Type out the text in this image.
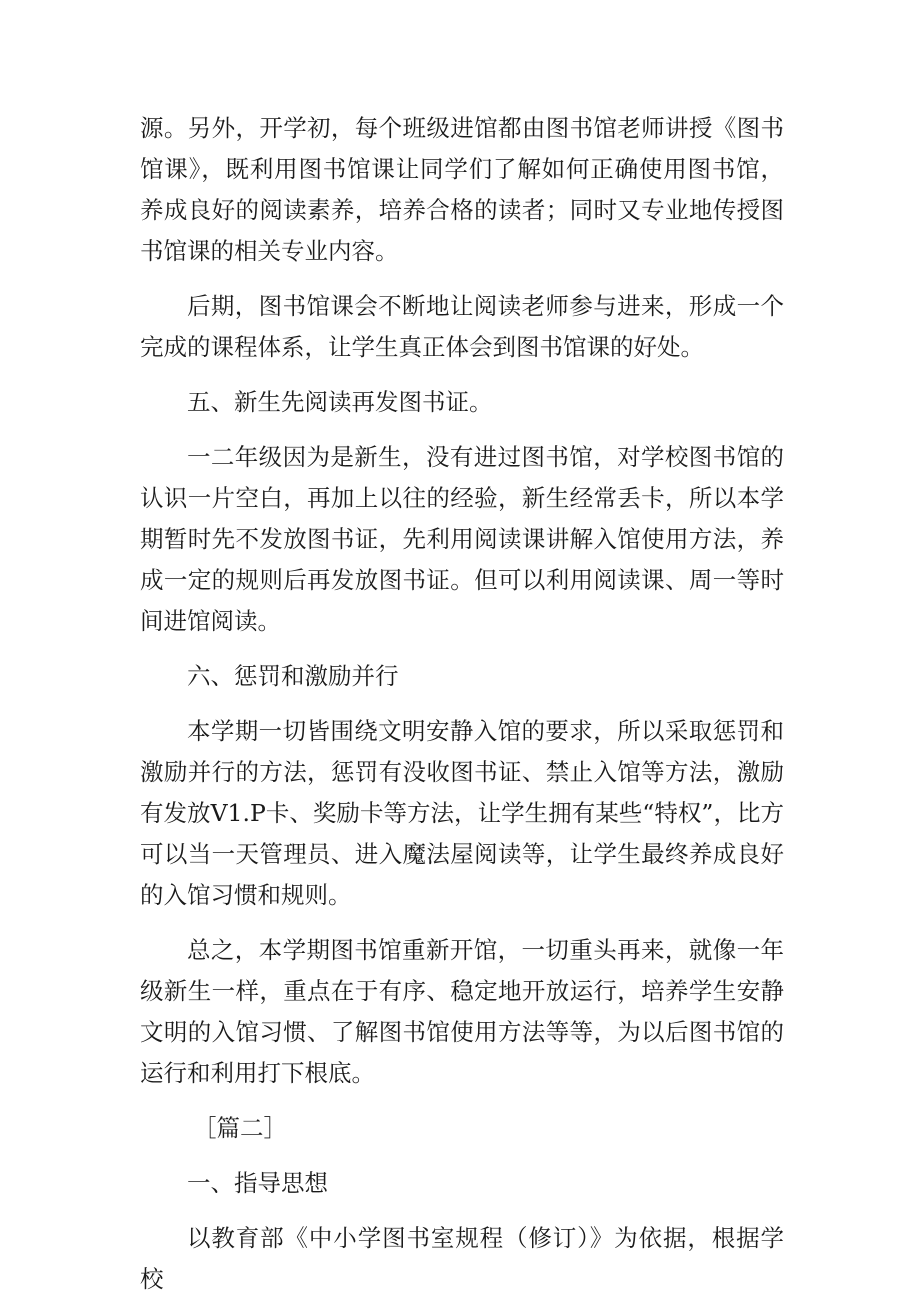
源。另外，开学初，每个班级进馆都由图书馆老师讲授《图书馆课》，既利用图书馆课让同学们了解如何正确使用图书馆，养成良好的阅读素养，培养合格的读者；同时又专业地传授图书馆课的相关专业内容。

后期，图书馆课会不断地让阅读老师参与进来，形成一个完成的课程体系，让学生真正体会到图书馆课的好处。

五、新生先阅读再发图书证。

一二年级因为是新生，没有进过图书馆，对学校图书馆的认识一片空白，再加上以往的经验，新生经常丢卡，所以本学期暂时先不发放图书证，先利用阅读课讲解入馆使用方法，养成一定的规则后再发放图书证。但可以利用阅读课、周一等时间进馆阅读。

六、惩罚和激励并行

本学期一切皆围绕文明安静入馆的要求，所以采取惩罚和激励并行的方法，惩罚有没收图书证、禁止入馆等方法，激励有发放V1.P卡、奖励卡等方法，让学生拥有某些“特权”，比方可以当一天管理员、进入魔法屋阅读等，让学生最终养成良好的入馆习惯和规则。

总之，本学期图书馆重新开馆，一切重头再来，就像一年级新生一样，重点在于有序、稳定地开放运行，培养学生安静文明的入馆习惯、了解图书馆使用方法等等，为以后图书馆的运行和利用打下根底。

［篇二］

一、指导思想

以教育部《中小学图书室规程（修订）》为依据，根据学校
